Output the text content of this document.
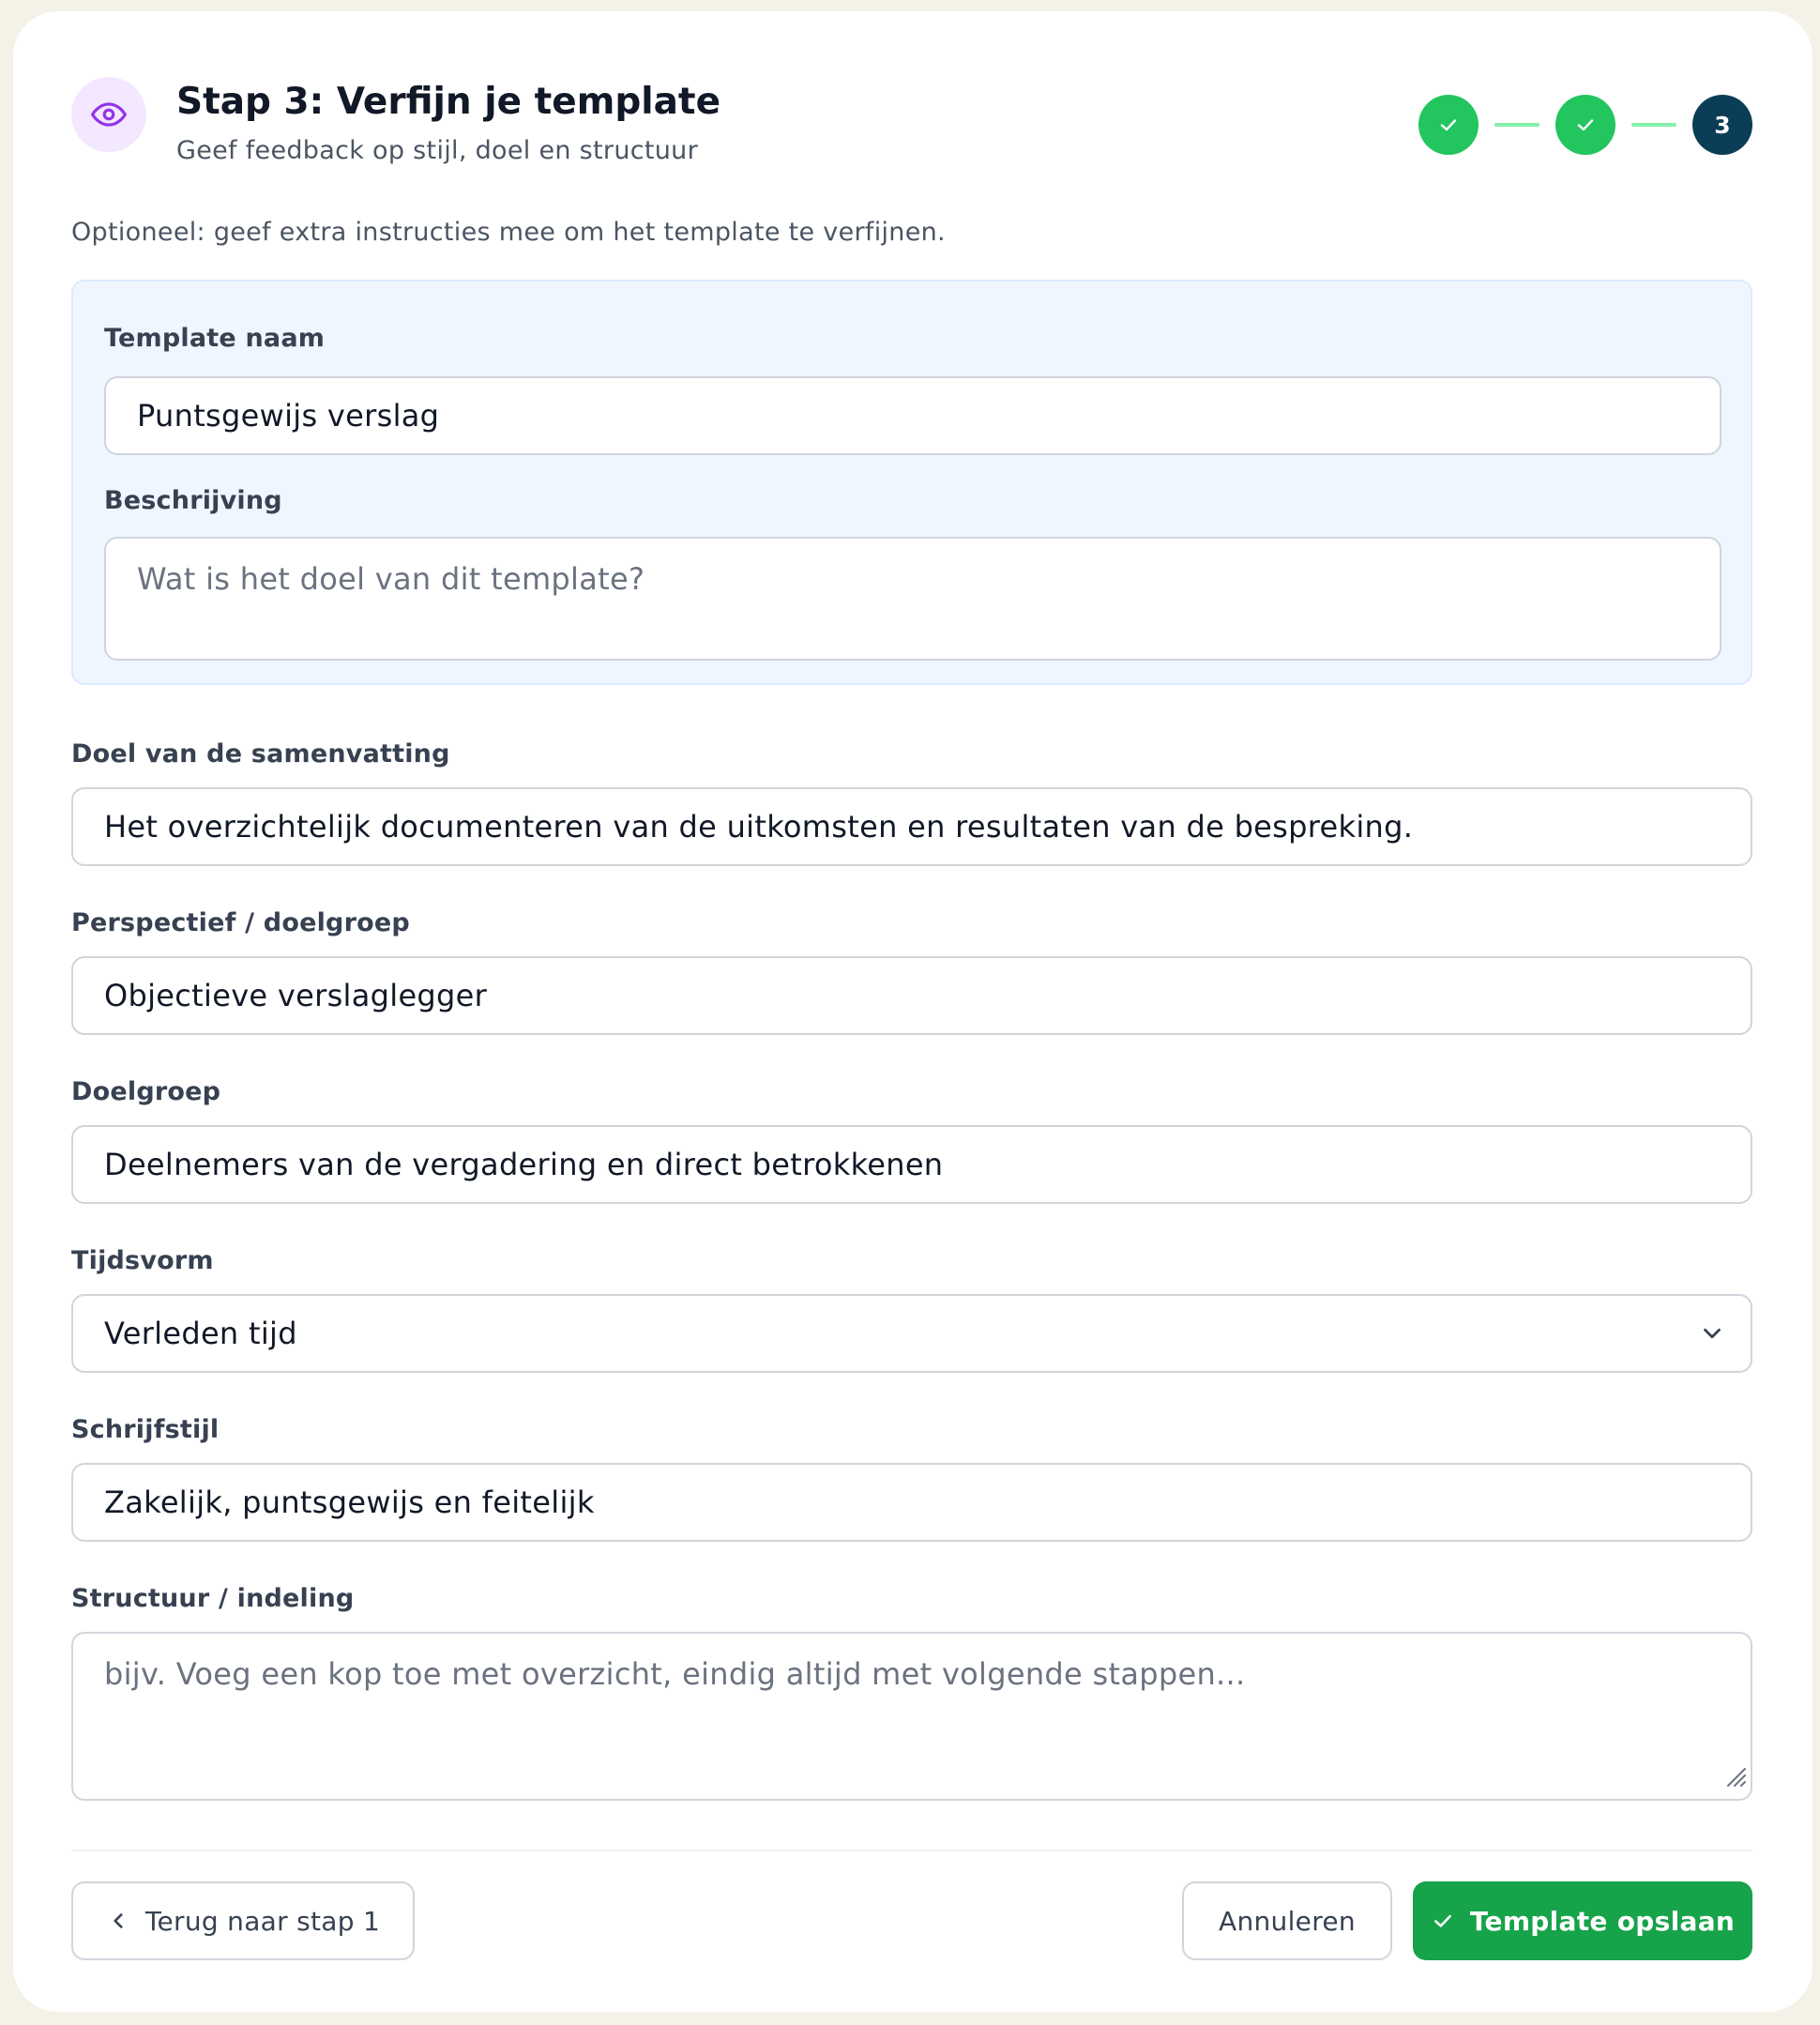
Stap 3: Verfijn je template
Geef feedback op stijl, doel en structuur
3
Optioneel: geef extra instructies mee om het template te verfijnen.
Template naam
Puntsgewijs verslag
Beschrijving
Wat is het doel van dit template?
Doel van de samenvatting
Het overzichtelijk documenteren van de uitkomsten en resultaten van de bespreking.
Perspectief / doelgroep
Objectieve verslaglegger
Doelgroep
Deelnemers van de vergadering en direct betrokkenen
Tijdsvorm
Verleden tijd
Schrijfstijl
Zakelijk, puntsgewijs en feitelijk
Structuur / indeling
bijv. Voeg een kop toe met overzicht, eindig altijd met volgende stappen...
Terug naar stap 1	Annuleren	Template opslaan
